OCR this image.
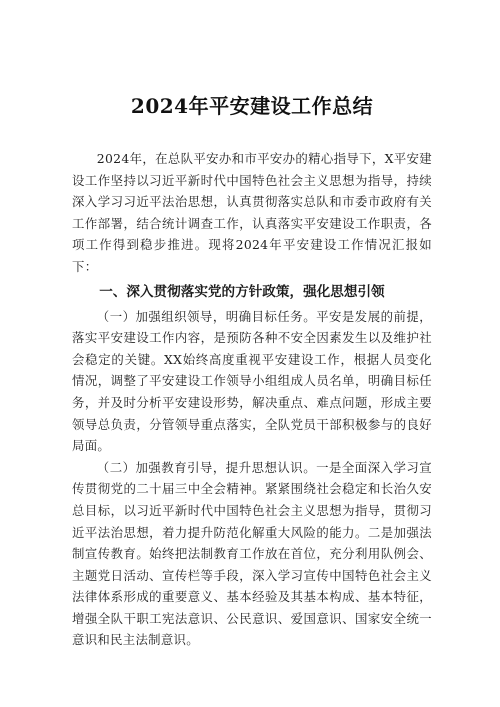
2024年平安建设工作总结

2024年，在总队平安办和市平安办的精心指导下，X平安建设工作坚持以习近平新时代中国特色社会主义思想为指导，持续深入学习习近平法治思想，认真贯彻落实总队和市委市政府有关工作部署，结合统计调查工作，认真落实平安建设工作职责，各项工作得到稳步推进。现将2024年平安建设工作情况汇报如下：

一、深入贯彻落实党的方针政策，强化思想引领

（一）加强组织领导，明确目标任务。平安是发展的前提，落实平安建设工作内容，是预防各种不安全因素发生以及维护社会稳定的关键。XX始终高度重视平安建设工作，根据人员变化情况，调整了平安建设工作领导小组组成人员名单，明确目标任务，并及时分析平安建设形势，解决重点、难点问题，形成主要领导总负责，分管领导重点落实，全队党员干部积极参与的良好局面。

（二）加强教育引导，提升思想认识。一是全面深入学习宣传贯彻党的二十届三中全会精神。紧紧围绕社会稳定和长治久安总目标，以习近平新时代中国特色社会主义思想为指导，贯彻习近平法治思想，着力提升防范化解重大风险的能力。二是加强法制宣传教育。始终把法制教育工作放在首位，充分利用队例会、主题党日活动、宣传栏等手段，深入学习宣传中国特色社会主义法律体系形成的重要意义、基本经验及其基本构成、基本特征，增强全队干职工宪法意识、公民意识、爱国意识、国家安全统一意识和民主法制意识。
